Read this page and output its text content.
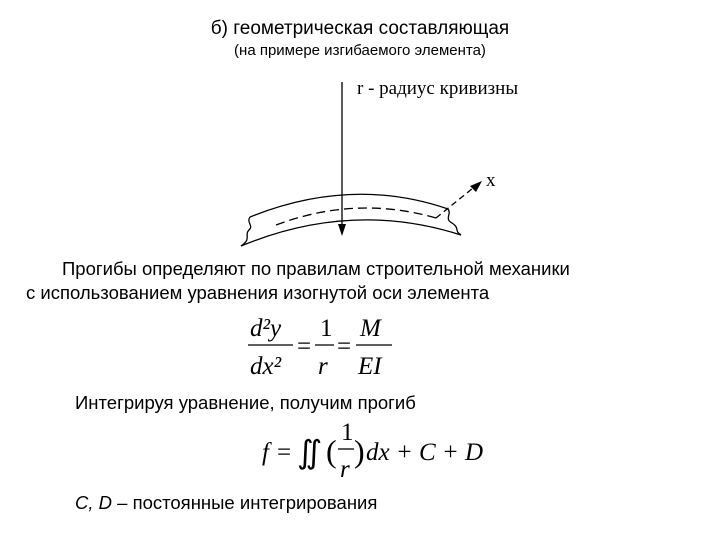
б) геометрическая составляющая
(на примере изгибаемого элемента)
r - радиус кривизны
x
Прогибы определяют по правилам строительной механики
с использованием уравнения изогнутой оси элемента
d²y
dx²
=
1
r
=
M
EI
Интегрируя уравнение, получим прогиб
f = ∬ (
1
r
) dx + C + D
C, D – постоянные интегрирования
